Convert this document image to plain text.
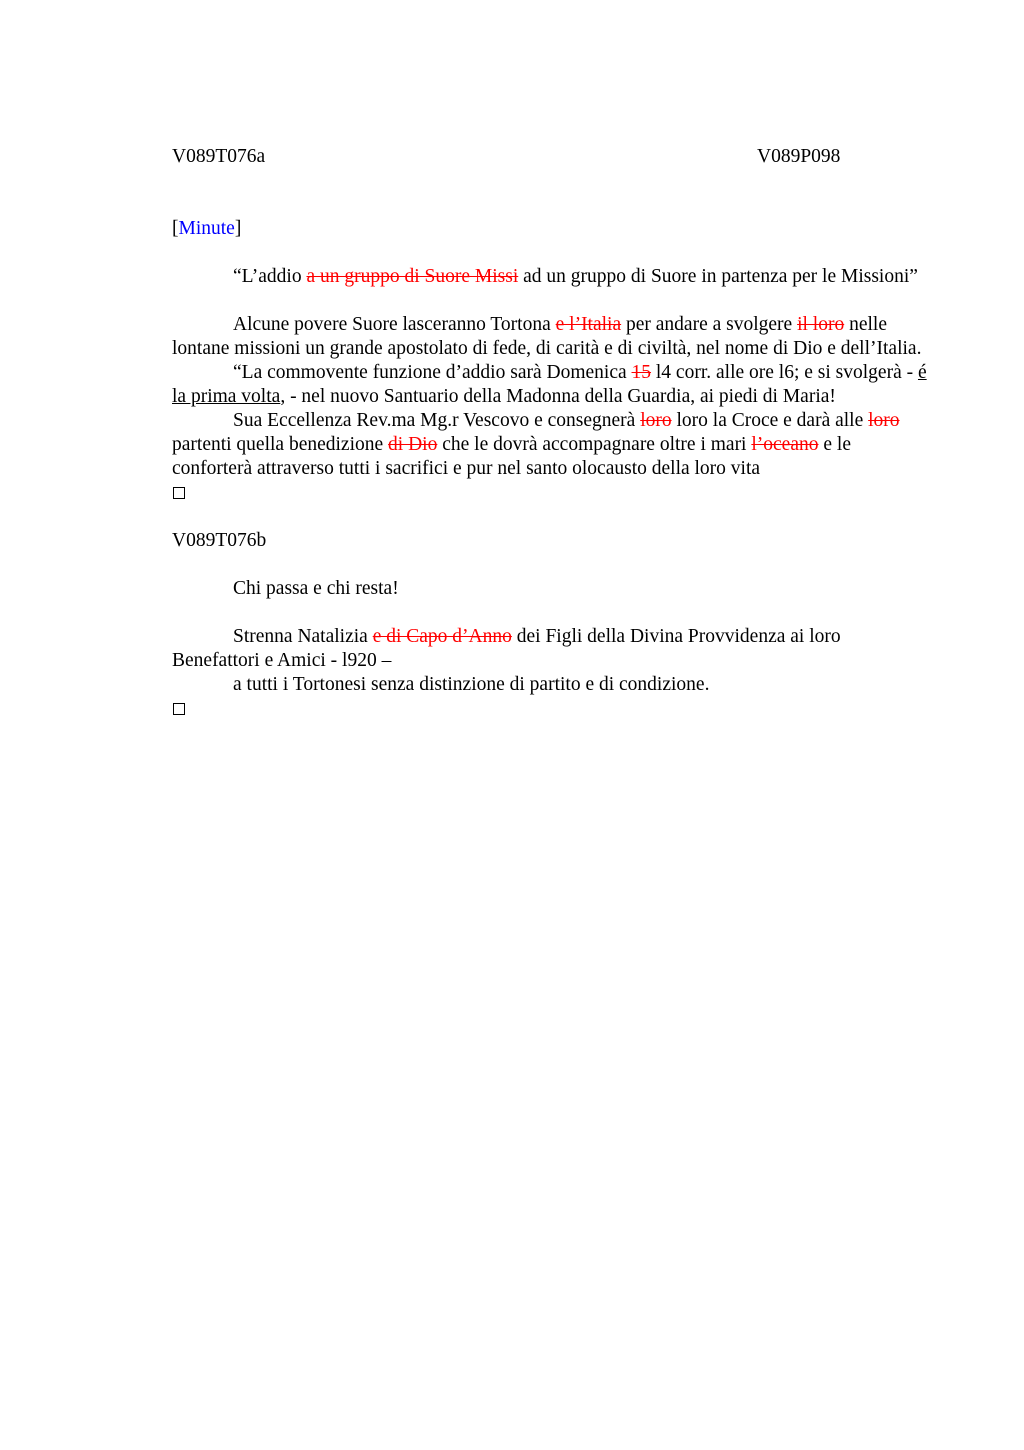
V089T076a	V089P098

[Minute]

“L’addio a un gruppo di Suore Missi ad un gruppo di Suore in partenza per le Missioni”

Alcune povere Suore lasceranno Tortona e l’Italia per andare a svolgere il loro nelle lontane missioni un grande apostolato di fede, di carità e di civiltà, nel nome di Dio e dell’Italia.

“La commovente funzione d’addio sarà Domenica 15 l4 corr. alle ore l6; e si svolgerà - é la prima volta, - nel nuovo Santuario della Madonna della Guardia, ai piedi di Maria!

Sua Eccellenza Rev.ma Mg.r Vescovo e consegnerà loro loro la Croce e darà alle loro partenti quella benedizione di Dio che le dovrà accompagnare oltre i mari l’oceano e le conforterà attraverso tutti i sacrifici e pur nel santo olocausto della loro vita

V089T076b

Chi passa e chi resta!

Strenna Natalizia e di Capo d’Anno dei Figli della Divina Provvidenza ai loro Benefattori e Amici - l920 –

a tutti i Tortonesi senza distinzione di partito e di condizione.
